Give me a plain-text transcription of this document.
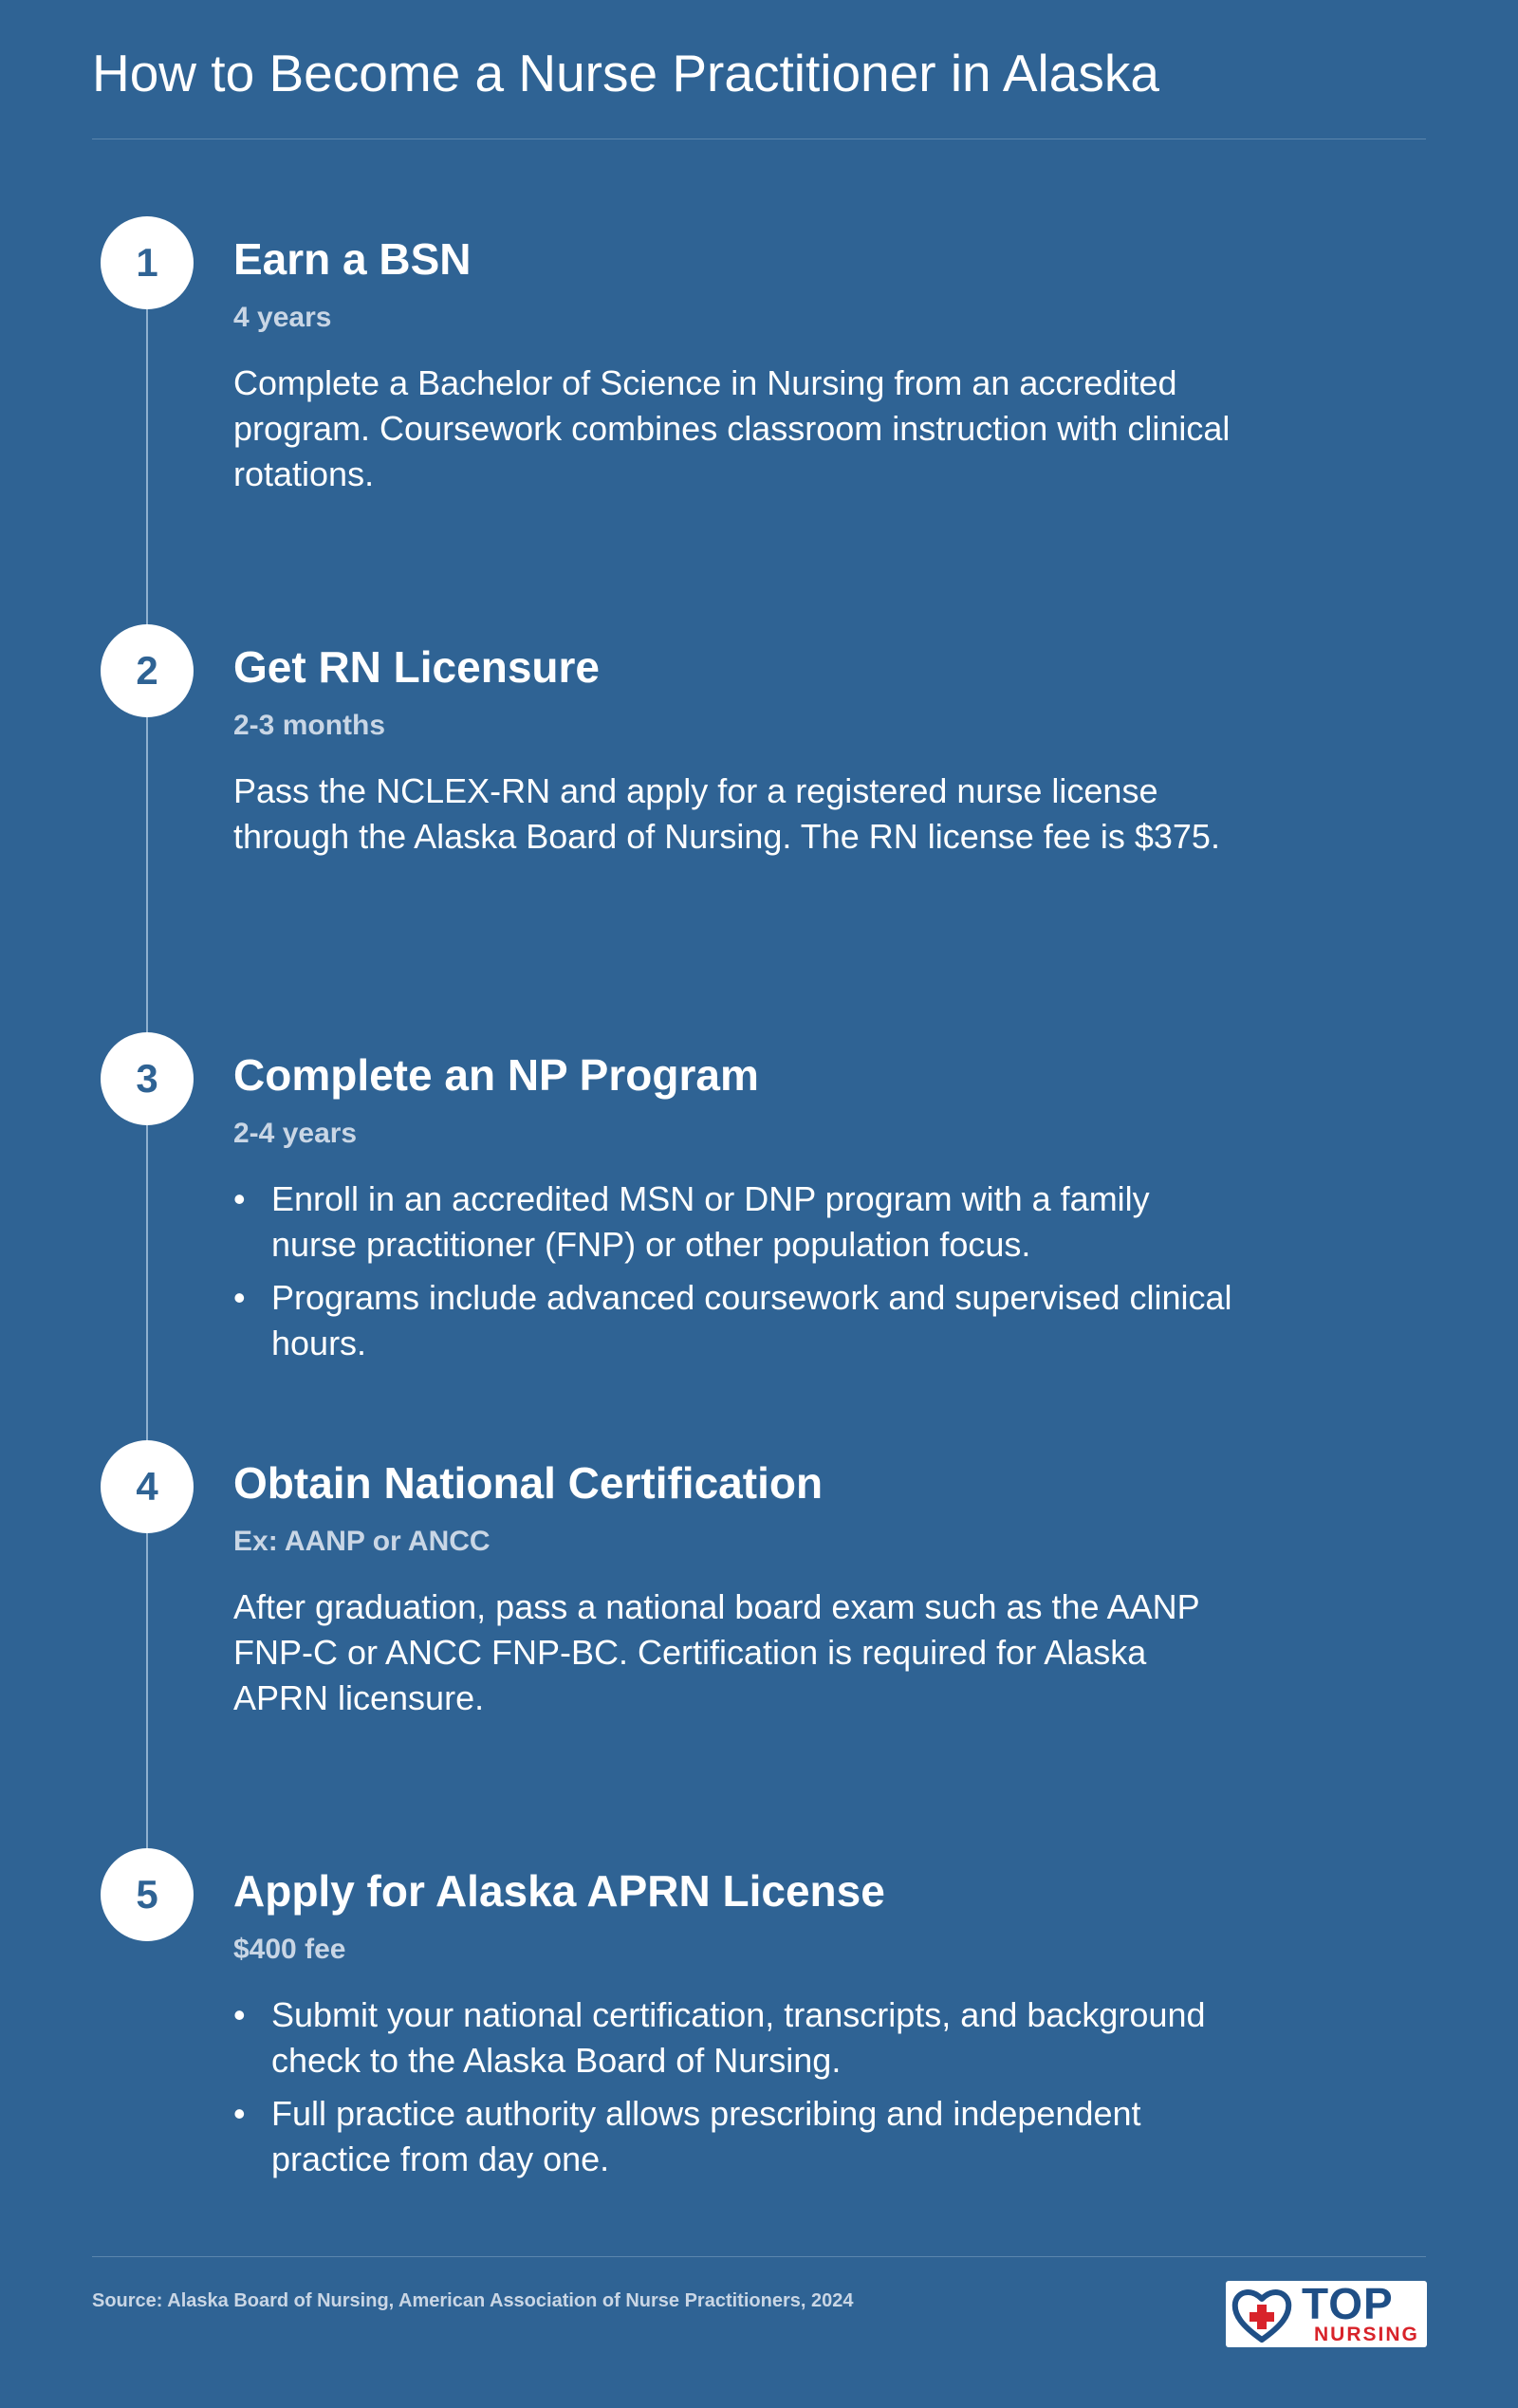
How to Become a Nurse Practitioner in Alaska
1	Earn a BSN
4 years

Complete a Bachelor of Science in Nursing from an accredited program. Coursework combines classroom instruction with clinical rotations.

2	Get RN Licensure
2-3 months

Pass the NCLEX-RN and apply for a registered nurse license through the Alaska Board of Nursing. The RN license fee is $375.

3	Complete an NP Program
2-4 years
• Enroll in an accredited MSN or DNP program with a family nurse practitioner (FNP) or other population focus.
• Programs include advanced coursework and supervised clinical hours.
4	Obtain National Certification
Ex: AANP or ANCC

After graduation, pass a national board exam such as the AANP FNP-C or ANCC FNP-BC. Certification is required for Alaska APRN licensure.

5	Apply for Alaska APRN License
$400 fee
• Submit your national certification, transcripts, and background check to the Alaska Board of Nursing.
• Full practice authority allows prescribing and independent practice from day one.
Source: Alaska Board of Nursing, American Association of Nurse Practitioners, 2024	TOP
NURSING
